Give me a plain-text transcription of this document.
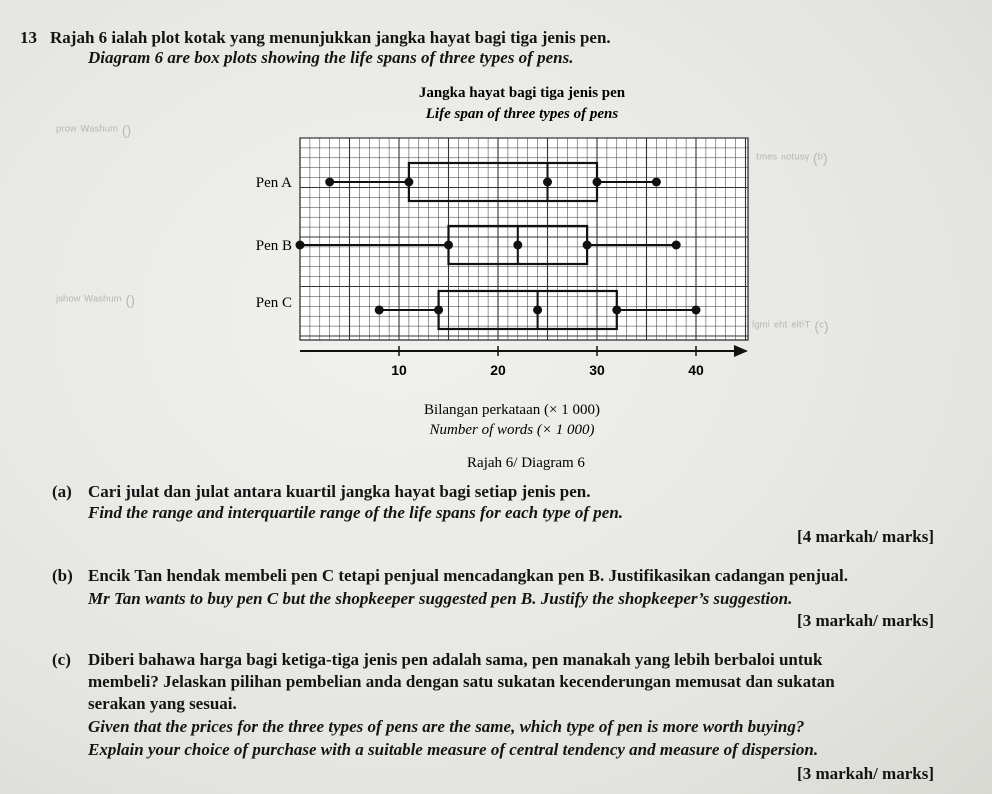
ᵖʳᵒʷ ᵂᵃˢʰᵘᵐ ()
ʲˢʰᵒʷ ᵂᵃˢʰᵘᵐ ()
ᵗᵐᵉˢ ⁿᵒᵗᵘˢᵞ (ᵇ)
ˡᵍᵐⁱ ᵉʰᵗ ᵉˡᵗⁱᵀ (ᶜ)
13 Rajah 6 ialah plot kotak yang menunjukkan jangka hayat bagi tiga jenis pen.
Diagram 6 are box plots showing the life spans of three types of pens.
Jangka hayat bagi tiga jenis pen
Life span of three types of pens
10	20	30	40
Pen A
Pen B
Pen C
Bilangan perkataan (× 1 000)
Number of words (× 1 000)
Rajah 6/ Diagram 6
(a) Cari julat dan julat antara kuartil jangka hayat bagi setiap jenis pen.
Find the range and interquartile range of the life spans for each type of pen.
[4 markah/ marks]
(b) Encik Tan hendak membeli pen C tetapi penjual mencadangkan pen B. Justifikasikan cadangan penjual.
Mr Tan wants to buy pen C but the shopkeeper suggested pen B. Justify the shopkeeper’s suggestion.
[3 markah/ marks]
(c) Diberi bahawa harga bagi ketiga-tiga jenis pen adalah sama, pen manakah yang lebih berbaloi untuk
membeli? Jelaskan pilihan pembelian anda dengan satu sukatan kecenderungan memusat dan sukatan
serakan yang sesuai.
Given that the prices for the three types of pens are the same, which type of pen is more worth buying?
Explain your choice of purchase with a suitable measure of central tendency and measure of dispersion.
[3 markah/ marks]
